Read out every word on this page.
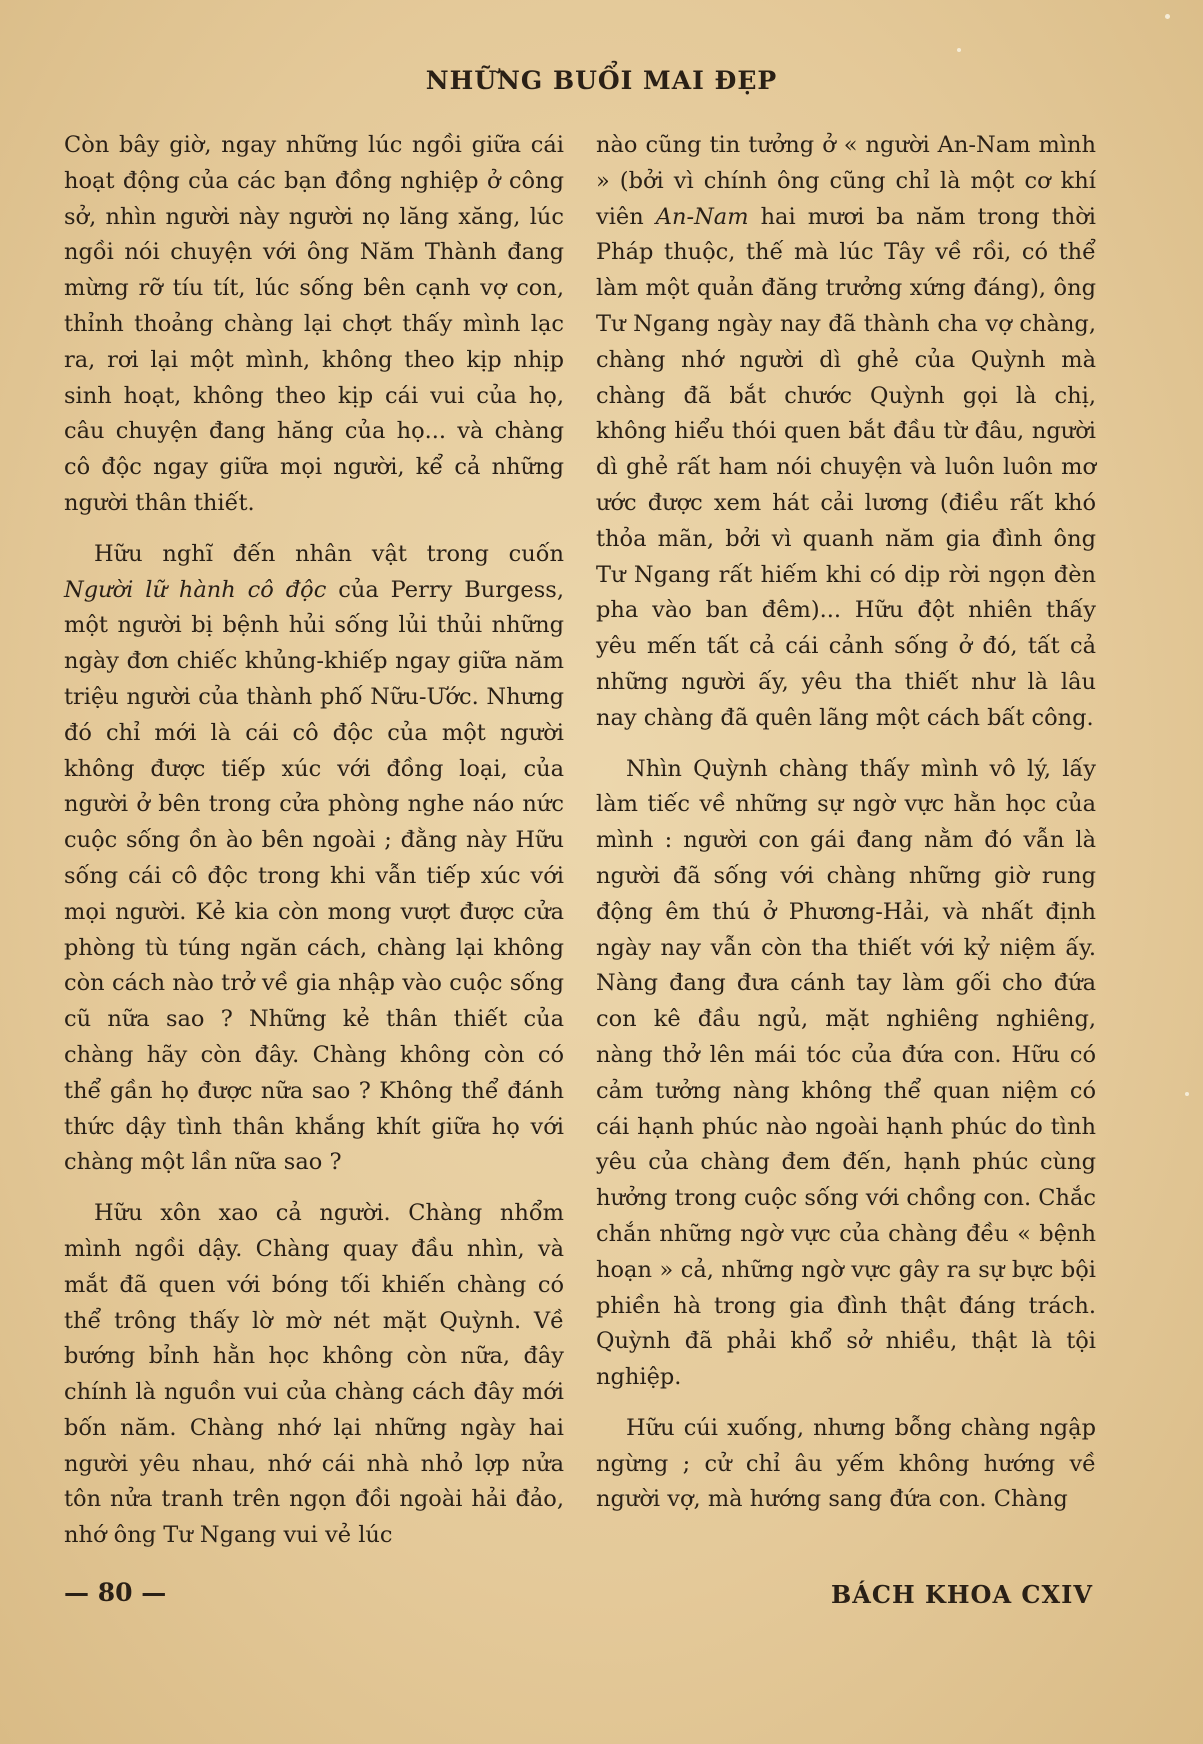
NHỮNG BUỔI MAI ĐẸP

Còn bây giờ, ngay những lúc ngồi giữa cái hoạt động của các bạn đồng nghiệp ở công sở, nhìn người này người nọ lăng xăng, lúc ngồi nói chuyện với ông Năm Thành đang mừng rỡ tíu tít, lúc sống bên cạnh vợ con, thỉnh thoảng chàng lại chợt thấy mình lạc ra, rơi lại một mình, không theo kịp nhịp sinh hoạt, không theo kịp cái vui của họ, câu chuyện đang hăng của họ... và chàng cô độc ngay giữa mọi người, kể cả những người thân thiết.

Hữu nghĩ đến nhân vật trong cuốn Người lữ hành cô độc của Perry Burgess, một người bị bệnh hủi sống lủi thủi những ngày đơn chiếc khủng-khiếp ngay giữa năm triệu người của thành phố Nữu-Ước. Nhưng đó chỉ mới là cái cô độc của một người không được tiếp xúc với đồng loại, của người ở bên trong cửa phòng nghe náo nức cuộc sống ồn ào bên ngoài ; đằng này Hữu sống cái cô độc trong khi vẫn tiếp xúc với mọi người. Kẻ kia còn mong vượt được cửa phòng tù túng ngăn cách, chàng lại không còn cách nào trở về gia nhập vào cuộc sống cũ nữa sao ? Những kẻ thân thiết của chàng hãy còn đây. Chàng không còn có thể gần họ được nữa sao ? Không thể đánh thức dậy tình thân khắng khít giữa họ với chàng một lần nữa sao ?

Hữu xôn xao cả người. Chàng nhổm mình ngồi dậy. Chàng quay đầu nhìn, và mắt đã quen với bóng tối khiến chàng có thể trông thấy lờ mờ nét mặt Quỳnh. Về bướng bỉnh hằn học không còn nữa, đây chính là nguồn vui của chàng cách đây mới bốn năm. Chàng nhớ lại những ngày hai người yêu nhau, nhớ cái nhà nhỏ lợp nửa tôn nửa tranh trên ngọn đồi ngoài hải đảo, nhớ ông Tư Ngang vui vẻ lúc

nào cũng tin tưởng ở « người An-Nam mình » (bởi vì chính ông cũng chỉ là một cơ khí viên An-Nam hai mươi ba năm trong thời Pháp thuộc, thế mà lúc Tây về rồi, có thể làm một quản đăng trưởng xứng đáng), ông Tư Ngang ngày nay đã thành cha vợ chàng, chàng nhớ người dì ghẻ của Quỳnh mà chàng đã bắt chước Quỳnh gọi là chị, không hiểu thói quen bắt đầu từ đâu, người dì ghẻ rất ham nói chuyện và luôn luôn mơ ước được xem hát cải lương (điều rất khó thỏa mãn, bởi vì quanh năm gia đình ông Tư Ngang rất hiếm khi có dịp rời ngọn đèn pha vào ban đêm)... Hữu đột nhiên thấy yêu mến tất cả cái cảnh sống ở đó, tất cả những người ấy, yêu tha thiết như là lâu nay chàng đã quên lãng một cách bất công.

Nhìn Quỳnh chàng thấy mình vô lý, lấy làm tiếc về những sự ngờ vực hằn học của mình : người con gái đang nằm đó vẫn là người đã sống với chàng những giờ rung động êm thú ở Phương-Hải, và nhất định ngày nay vẫn còn tha thiết với kỷ niệm ấy. Nàng đang đưa cánh tay làm gối cho đứa con kê đầu ngủ, mặt nghiêng nghiêng, nàng thở lên mái tóc của đứa con. Hữu có cảm tưởng nàng không thể quan niệm có cái hạnh phúc nào ngoài hạnh phúc do tình yêu của chàng đem đến, hạnh phúc cùng hưởng trong cuộc sống với chồng con. Chắc chắn những ngờ vực của chàng đều « bệnh hoạn » cả, những ngờ vực gây ra sự bực bội phiền hà trong gia đình thật đáng trách. Quỳnh đã phải khổ sở nhiều, thật là tội nghiệp.

Hữu cúi xuống, nhưng bỗng chàng ngập ngừng ; cử chỉ âu yếm không hướng về người vợ, mà hướng sang đứa con. Chàng

— 80 —	BÁCH KHOA CXIV
